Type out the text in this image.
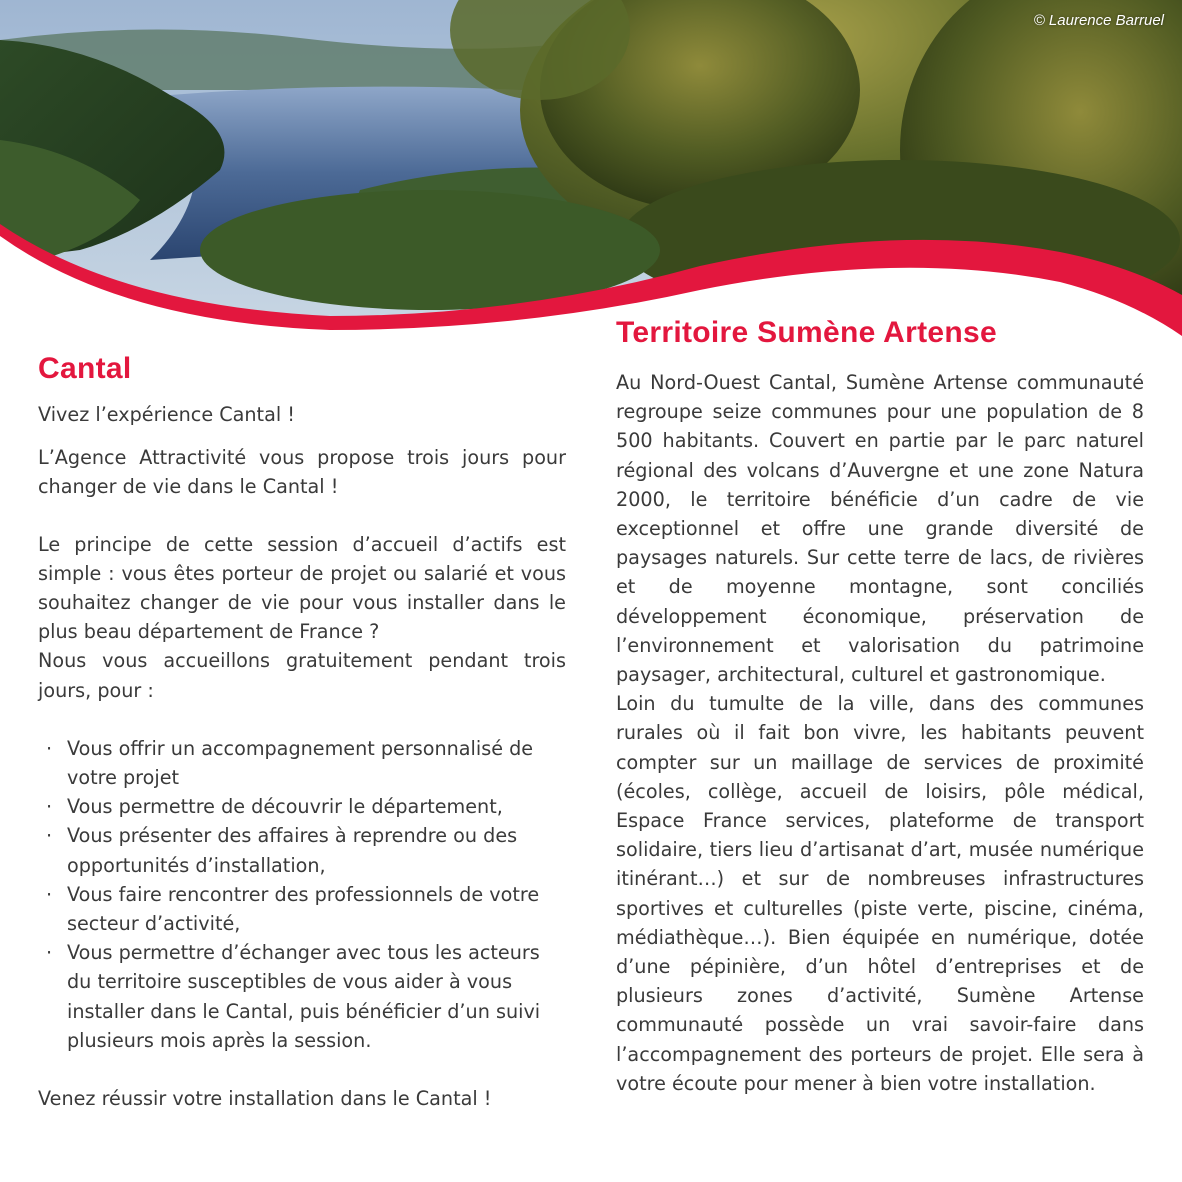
© Laurence Barruel
Cantal

Vivez l’expérience Cantal !

L’Agence Attractivité vous propose trois jours pour changer de vie dans le Cantal !

Le principe de cette session d’accueil d’actifs est simple : vous êtes porteur de projet ou salarié et vous souhaitez changer de vie pour vous installer dans le plus beau département de France ?

Nous vous accueillons gratuitement pendant trois jours, pour :

· Vous offrir un accompagnement personnalisé de votre projet
· Vous permettre de découvrir le département,
· Vous présenter des affaires à reprendre ou des opportunités d’installation,
· Vous faire rencontrer des professionnels de votre secteur d’activité,
· Vous permettre d’échanger avec tous les acteurs du territoire susceptibles de vous aider à vous installer dans le Cantal, puis bénéficier d’un suivi plusieurs mois après la session.

Venez réussir votre installation dans le Cantal !

Territoire Sumène Artense

Au Nord-Ouest Cantal, Sumène Artense communauté regroupe seize communes pour une population de 8 500 habitants. Couvert en partie par le parc naturel régional des volcans d’Auvergne et une zone Natura 2000, le territoire bénéficie d’un cadre de vie exceptionnel et offre une grande diversité de paysages naturels. Sur cette terre de lacs, de rivières et de moyenne montagne, sont conciliés développement économique, préservation de l’environnement et valorisation du patrimoine paysager, architectural, culturel et gastronomique.

Loin du tumulte de la ville, dans des communes rurales où il fait bon vivre, les habitants peuvent compter sur un maillage de services de proximité (écoles, collège, accueil de loisirs, pôle médical, Espace France services, plateforme de transport solidaire, tiers lieu d’artisanat d’art, musée numérique itinérant…) et sur de nombreuses infrastructures sportives et culturelles (piste verte, piscine, cinéma, médiathèque…). Bien équipée en numérique, dotée d’une pépinière, d’un hôtel d’entreprises et de plusieurs zones d’activité, Sumène Artense communauté possède un vrai savoir-faire dans l’accompagnement des porteurs de projet. Elle sera à votre écoute pour mener à bien votre installation.
